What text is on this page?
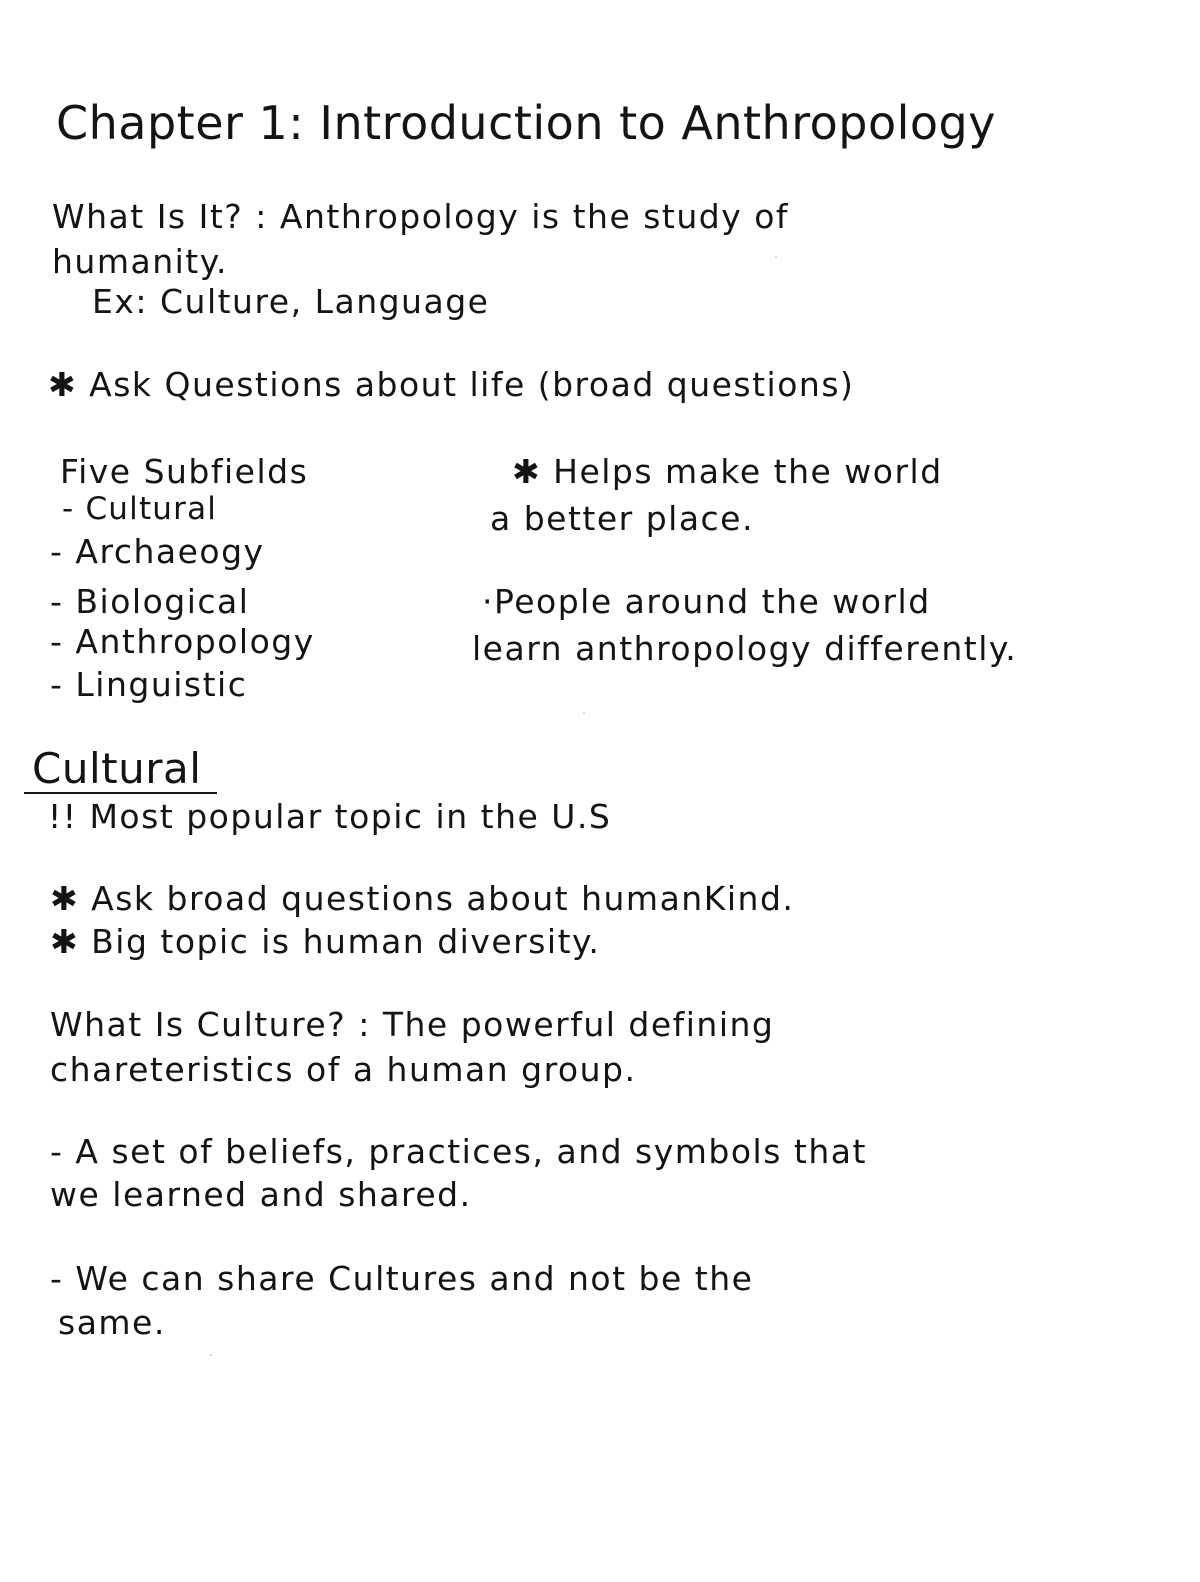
Chapter 1: Introduction to Anthropology
What Is It? : Anthropology is the study of
humanity.
Ex: Culture, Language
✱ Ask Questions about life (broad questions)
Five Subfields
- Cultural
- Archaeogy
- Biological
- Anthropology
- Linguistic
✱ Helps make the world
a better place.
·People around the world
learn anthropology differently.
Cultural
!! Most popular topic in the U.S
✱ Ask broad questions about humanKind.
✱ Big topic is human diversity.
What Is Culture? : The powerful defining
chareteristics of a human group.
- A set of beliefs, practices, and symbols that
we learned and shared.
- We can share Cultures and not be the
same.
